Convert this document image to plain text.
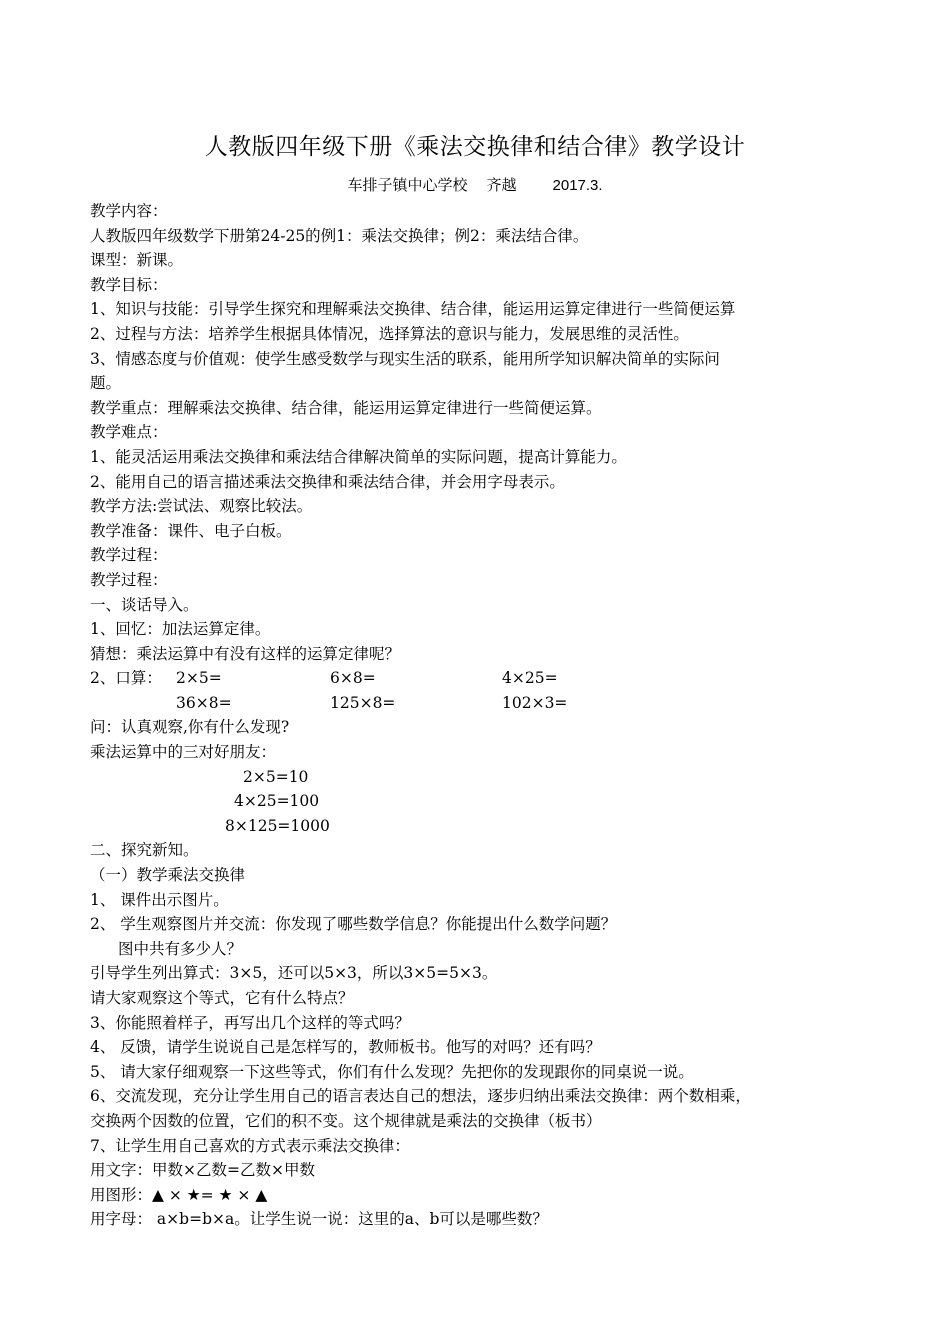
人教版四年级下册《乘法交换律和结合律》教学设计
车排子镇中心学校    齐越 2017.3.
教学内容：
人教版四年级数学下册第24-25的例1：乘法交换律；例2：乘法结合律。
课型：新课。
教学目标：
1、知识与技能：引导学生探究和理解乘法交换律、结合律，能运用运算定律进行一些简便运算
2、过程与方法：培养学生根据具体情况，选择算法的意识与能力，发展思维的灵活性。
3、情感态度与价值观：使学生感受数学与现实生活的联系，能用所学知识解决简单的实际问
题。
教学重点：理解乘法交换律、结合律，能运用运算定律进行一些简便运算。
教学难点：
1、能灵活运用乘法交换律和乘法结合律解决简单的实际问题，提高计算能力。
2、能用自己的语言描述乘法交换律和乘法结合律，并会用字母表示。
教学方法:尝试法、观察比较法。
教学准备：课件、电子白板。
教学过程：
教学过程：
一、谈话导入。
1、回忆：加法运算定律。
猜想：乘法运算中有没有这样的运算定律呢？
2、口算： 2×5=	6×8=	4×25=
36×8=	125×8=	102×3=
问：认真观察,你有什么发现?
乘法运算中的三对好朋友：
2×5=10
4×25=100
8×125=1000
二、探究新知。
（一）教学乘法交换律
1、 课件出示图片。
2、 学生观察图片并交流：你发现了哪些数学信息？你能提出什么数学问题？
图中共有多少人？
引导学生列出算式：3×5，还可以5×3，所以3×5=5×3。
请大家观察这个等式，它有什么特点？
3、你能照着样子，再写出几个这样的等式吗？
4、 反馈，请学生说说自己是怎样写的，教师板书。他写的对吗？还有吗？
5、 请大家仔细观察一下这些等式，你们有什么发现？先把你的发现跟你的同桌说一说。
6、交流发现，充分让学生用自己的语言表达自己的想法，逐步归纳出乘法交换律：两个数相乘，
交换两个因数的位置，它们的积不变。这个规律就是乘法的交换律（板书）
7、让学生用自己喜欢的方式表示乘法交换律：
用文字：甲数×乙数=乙数×甲数
用图形：▲ × ★= ★ × ▲
用字母： a×b=b×a。让学生说一说：这里的a、b可以是哪些数？
